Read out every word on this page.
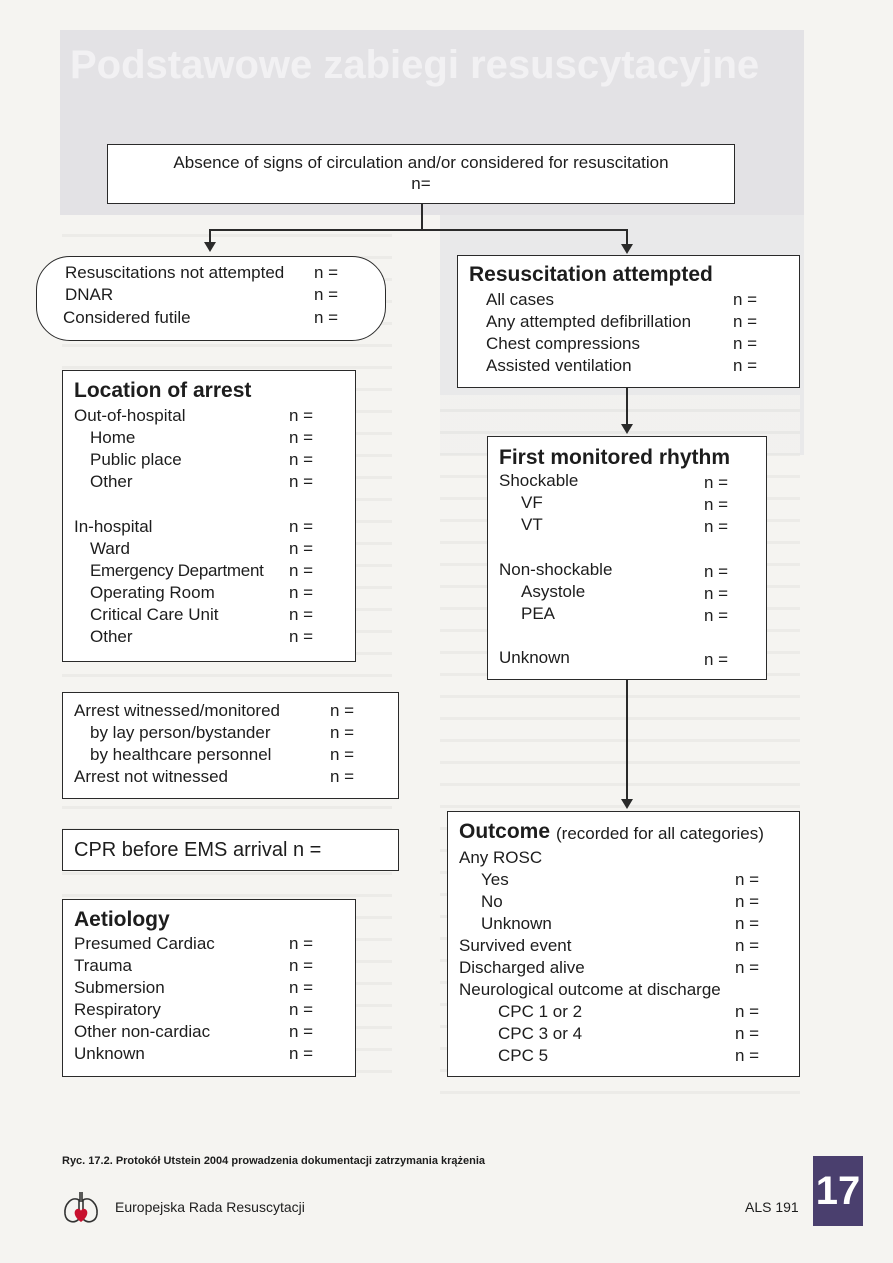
Podstawowe zabiegi resuscytacyjne
Absence of signs of circulation and/or considered for resuscitation
n=
Resuscitations not attempted n =
DNAR	n =
Considered futile	n =
Resuscitation attempted
All cases	n =
Any attempted defibrillation n =
Chest compressions	n =
Assisted ventilation	n =
Location of arrest
Out-of-hospital	n =
Home	n =
Public place	n =
Other	n =
In-hospital	n =
Ward	n =
Emergency Department n =
Operating Room	n =
Critical Care Unit	n =
Other	n =
First monitored rhythm
Shockable	n =
VF	n =
VT	n =
Non-shockable	n =
Asystole	n =
PEA	n =
Unknown	n =
Arrest witnessed/monitored	n =
by lay person/bystander	n =
by healthcare personnel	n =
Arrest not witnessed	n =
CPR before EMS arrival n =
Aetiology
Presumed Cardiac	n =
Trauma	n =
Submersion	n =
Respiratory	n =
Other non-cardiac	n =
Unknown	n =
Outcome (recorded for all categories)
Any ROSC
Yes	n =
No	n =
Unknown	n =
Survived event	n =
Discharged alive	n =
Neurological outcome at discharge
CPC 1 or 2	n =
CPC 3 or 4	n =
CPC 5	n =
Ryc. 17.2. Protokół Utstein 2004 prowadzenia dokumentacji zatrzymania krążenia
Europejska Rada Resuscytacji	ALS 191 17
